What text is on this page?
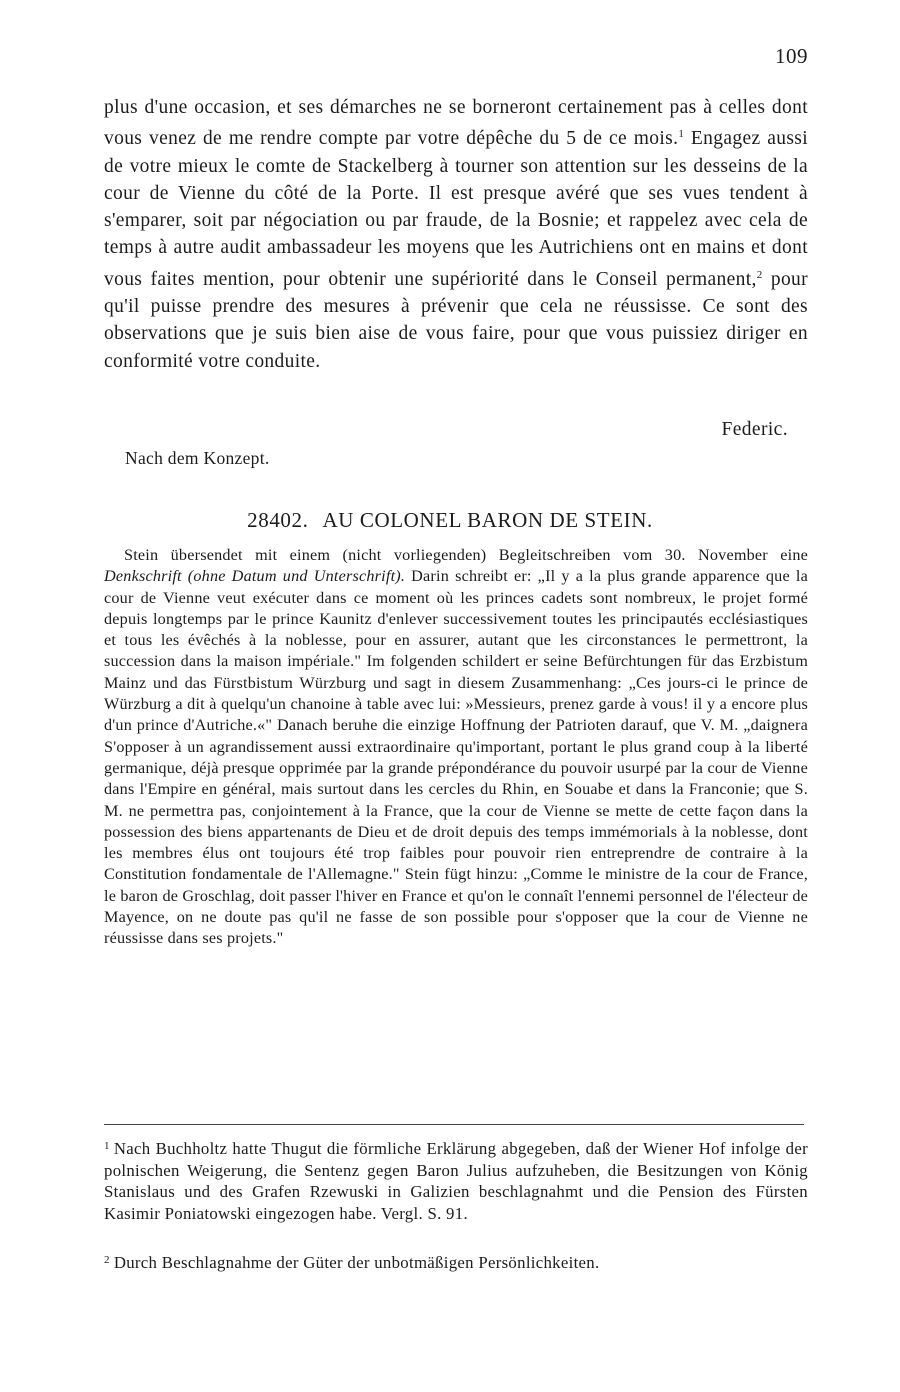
109
plus d'une occasion, et ses démarches ne se borneront certainement pas à celles dont vous venez de me rendre compte par votre dépêche du 5 de ce mois.$^1$ Engagez aussi de votre mieux le comte de Stackelberg à tourner son attention sur les desseins de la cour de Vienne du côté de la Porte. Il est presque avéré que ses vues tendent à s'emparer, soit par négociation ou par fraude, de la Bosnie; et rappelez avec cela de temps à autre audit ambassadeur les moyens que les Autrichiens ont en mains et dont vous faites mention, pour obtenir une supériorité dans le Conseil permanent,$^2$ pour qu'il puisse prendre des mesures à prévenir que cela ne réussisse. Ce sont des observations que je suis bien aise de vous faire, pour que vous puissiez diriger en conformité votre conduite.
Federic.
Nach dem Konzept.
28402. AU COLONEL BARON DE STEIN.
Stein übersendet mit einem (nicht vorliegenden) Begleitschreiben vom 30. November eine Denkschrift (ohne Datum und Unterschrift). Darin schreibt er: „Il y a la plus grande apparence que la cour de Vienne veut exécuter dans ce moment où les princes cadets sont nombreux, le projet formé depuis longtemps par le prince Kaunitz d'enlever successivement toutes les principautés ecclésiastiques et tous les évêchés à la noblesse, pour en assurer, autant que les circonstances le permettront, la succession dans la maison impériale." Im folgenden schildert er seine Befürchtungen für das Erzbistum Mainz und das Fürstbistum Würzburg und sagt in diesem Zusammenhang: „Ces jours-ci le prince de Würzburg a dit à quelqu'un chanoine à table avec lui: »Messieurs, prenez garde à vous! il y a encore plus d'un prince d'Autriche.«" Danach beruhe die einzige Hoffnung der Patrioten darauf, que V. M. „daignera S'opposer à un agrandissement aussi extraordinaire qu'important, portant le plus grand coup à la liberté germanique, déjà presque opprimée par la grande prépondérance du pouvoir usurpé par la cour de Vienne dans l'Empire en général, mais surtout dans les cercles du Rhin, en Souabe et dans la Franconie; que S. M. ne permettra pas, conjointement à la France, que la cour de Vienne se mette de cette façon dans la possession des biens appartenants de Dieu et de droit depuis des temps immémorials à la noblesse, dont les membres élus ont toujours été trop faibles pour pouvoir rien entreprendre de contraire à la Constitution fondamentale de l'Allemagne." Stein fügt hinzu: „Comme le ministre de la cour de France, le baron de Groschlag, doit passer l'hiver en France et qu'on le connaît l'ennemi personnel de l'électeur de Mayence, on ne doute pas qu'il ne fasse de son possible pour s'opposer que la cour de Vienne ne réussisse dans ses projets."
$^1$ Nach Buchholtz hatte Thugut die förmliche Erklärung abgegeben, daß der Wiener Hof infolge der polnischen Weigerung, die Sentenz gegen Baron Julius aufzuheben, die Besitzungen von König Stanislaus und des Grafen Rzewuski in Galizien beschlagnahmt und die Pension des Fürsten Kasimir Poniatowski eingezogen habe. Vergl. S. 91.
$^2$ Durch Beschlagnahme der Güter der unbotmäßigen Persönlichkeiten.
